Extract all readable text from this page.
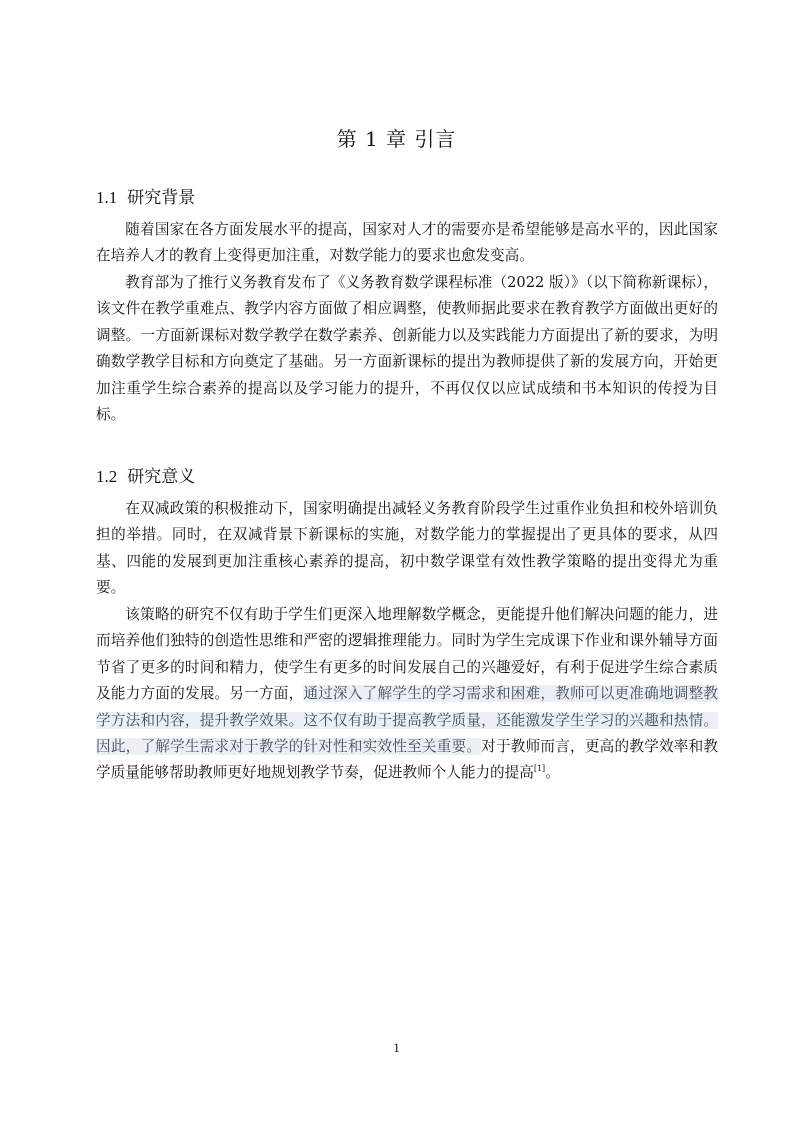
第 1 章 引言
1.1 研究背景

随着国家在各方面发展水平的提高，国家对人才的需要亦是希望能够是高水平的，因此国家在培养人才的教育上变得更加注重，对数学能力的要求也愈发变高。

教育部为了推行义务教育发布了《义务教育数学课程标准（2022 版）》（以下简称新课标），该文件在教学重难点、教学内容方面做了相应调整，使教师据此要求在教育教学方面做出更好的调整。一方面新课标对数学教学在数学素养、创新能力以及实践能力方面提出了新的要求，为明确数学教学目标和方向奠定了基础。另一方面新课标的提出为教师提供了新的发展方向，开始更加注重学生综合素养的提高以及学习能力的提升，不再仅仅以应试成绩和书本知识的传授为目标。

1.2 研究意义

在双减政策的积极推动下，国家明确提出减轻义务教育阶段学生过重作业负担和校外培训负担的举措。同时，在双减背景下新课标的实施，对数学能力的掌握提出了更具体的要求，从四基、四能的发展到更加注重核心素养的提高，初中数学课堂有效性教学策略的提出变得尤为重要。

该策略的研究不仅有助于学生们更深入地理解数学概念，更能提升他们解决问题的能力，进而培养他们独特的创造性思维和严密的逻辑推理能力。同时为学生完成课下作业和课外辅导方面节省了更多的时间和精力，使学生有更多的时间发展自己的兴趣爱好，有利于促进学生综合素质及能力方面的发展。另一方面，通过深入了解学生的学习需求和困难，教师可以更准确地调整教学方法和内容，提升教学效果。这不仅有助于提高教学质量，还能激发学生学习的兴趣和热情。因此，了解学生需求对于教学的针对性和实效性至关重要。对于教师而言，更高的教学效率和教学质量能够帮助教师更好地规划教学节奏，促进教师个人能力的提高[1]。

1
